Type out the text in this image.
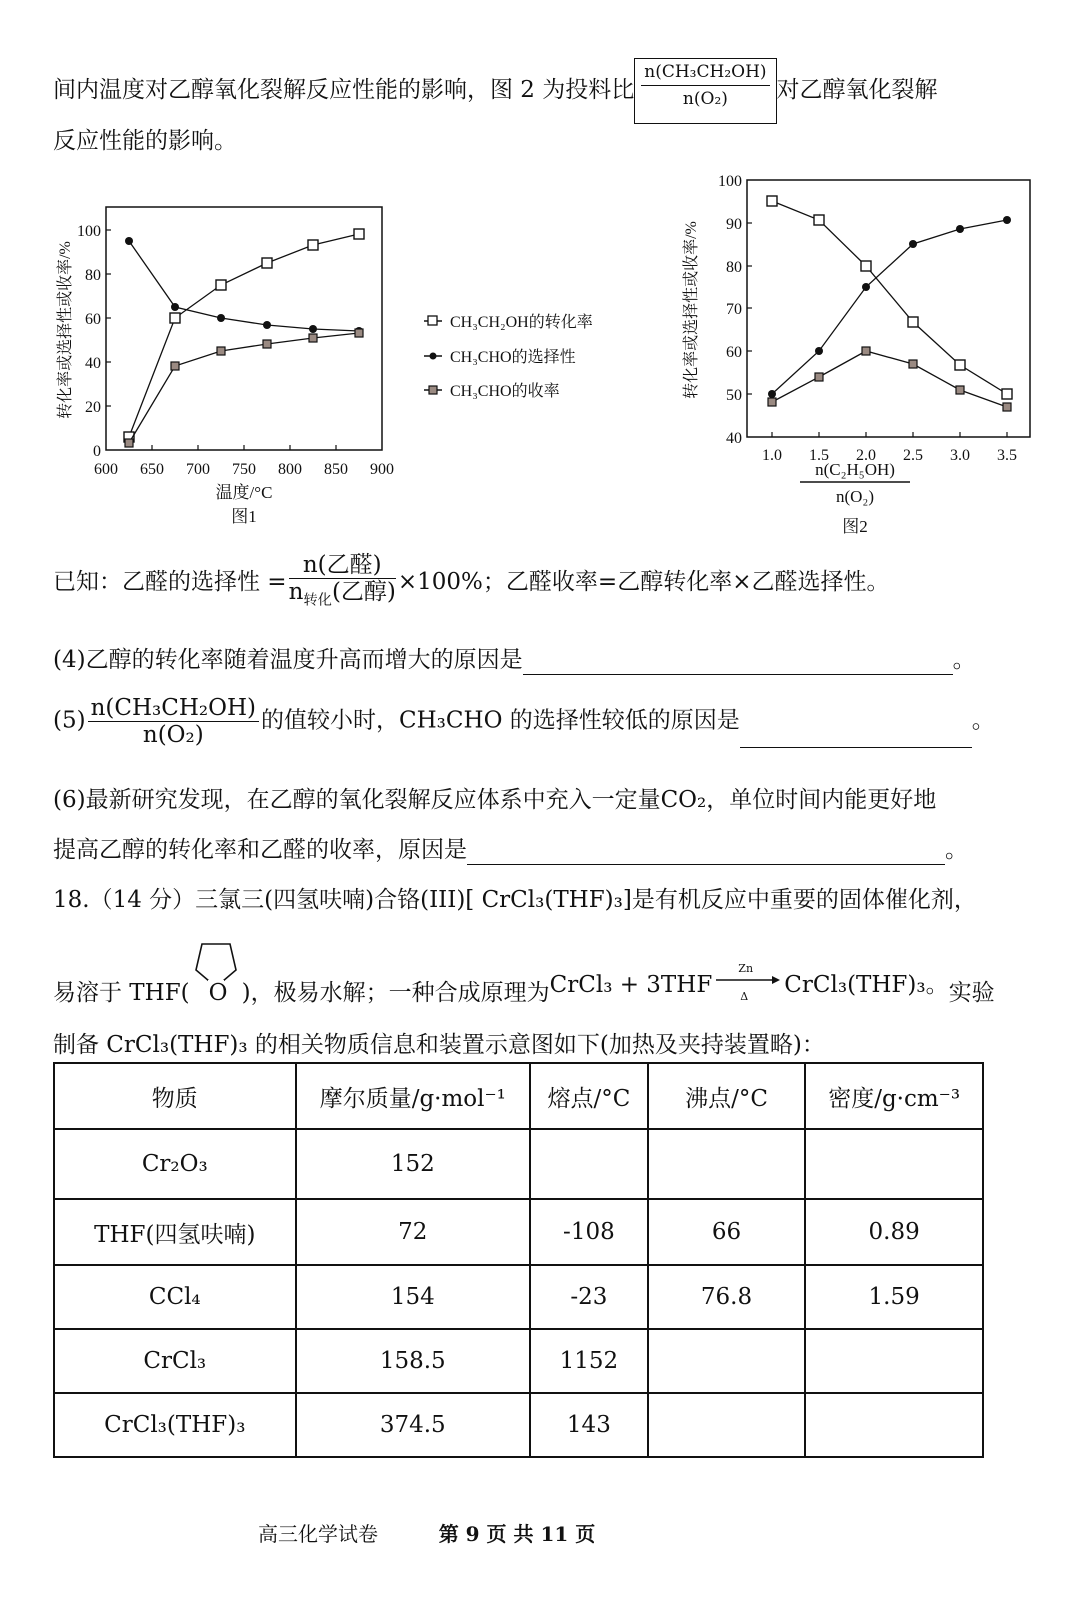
间内温度对乙醇氧化裂解反应性能的影响，图 2 为投料比 $\frac{\text{n(CH₃CH₂OH)}}{\text{n(O₂)}}$ 对乙醇氧化裂解
反应性能的影响。
0
20
40
60
80
100
600 650 700 750 800 850 900
温度/°C
图1
转化率或选择性或收率/%	CH₃CH₂OH的转化率
CH₃CHO的选择性
CH₃CHO的收率
40
50
60
70
80
90
100
1.0 1.5 2.0 2.5 3.0 3.5
n(C₂H₅OH)
n(O₂)
图2
转化率或选择性或收率/%
已知：乙醛的选择性 = $\frac{\text{n(乙醛)}}{n_{转化}(乙醇)} \times 100\%$；乙醛收率=乙醇转化率×乙醛选择性。
(4)乙醇的转化率随着温度升高而增大的原因是	。
$(5) \frac{\text{n(CH₃CH₂OH)}}{\text{n(O₂)}}$ 的值较小时，CH₃CHO 的选择性较低的原因是	。
(6)最新研究发现，在乙醇的氧化裂解反应体系中充入一定量CO₂，单位时间内能更好地
提高乙醇的转化率和乙醛的收率，原因是	。
18.（14 分）三氯三(四氢呋喃)合铬(III)[ CrCl₃(THF)₃]是有机反应中重要的固体催化剂，
易溶于 THF( O )，极易水解；一种合成原理为CrCl₃ + 3THF
Zn
Δ CrCl₃(THF)₃。实验
制备 CrCl₃(THF)₃ 的相关物质信息和装置示意图如下(加热及夹持装置略)：
物质	摩尔质量/g·mol⁻¹	熔点/°C	沸点/°C	密度/g·cm⁻³
Cr₂O₃	152			
THF(四氢呋喃)	72	-108	66	0.89
CCl₄	154	-23	76.8	1.59
CrCl₃	158.5	1152		
CrCl₃(THF)₃	374.5	143		
高三化学试卷	第 9 页 共 11 页
